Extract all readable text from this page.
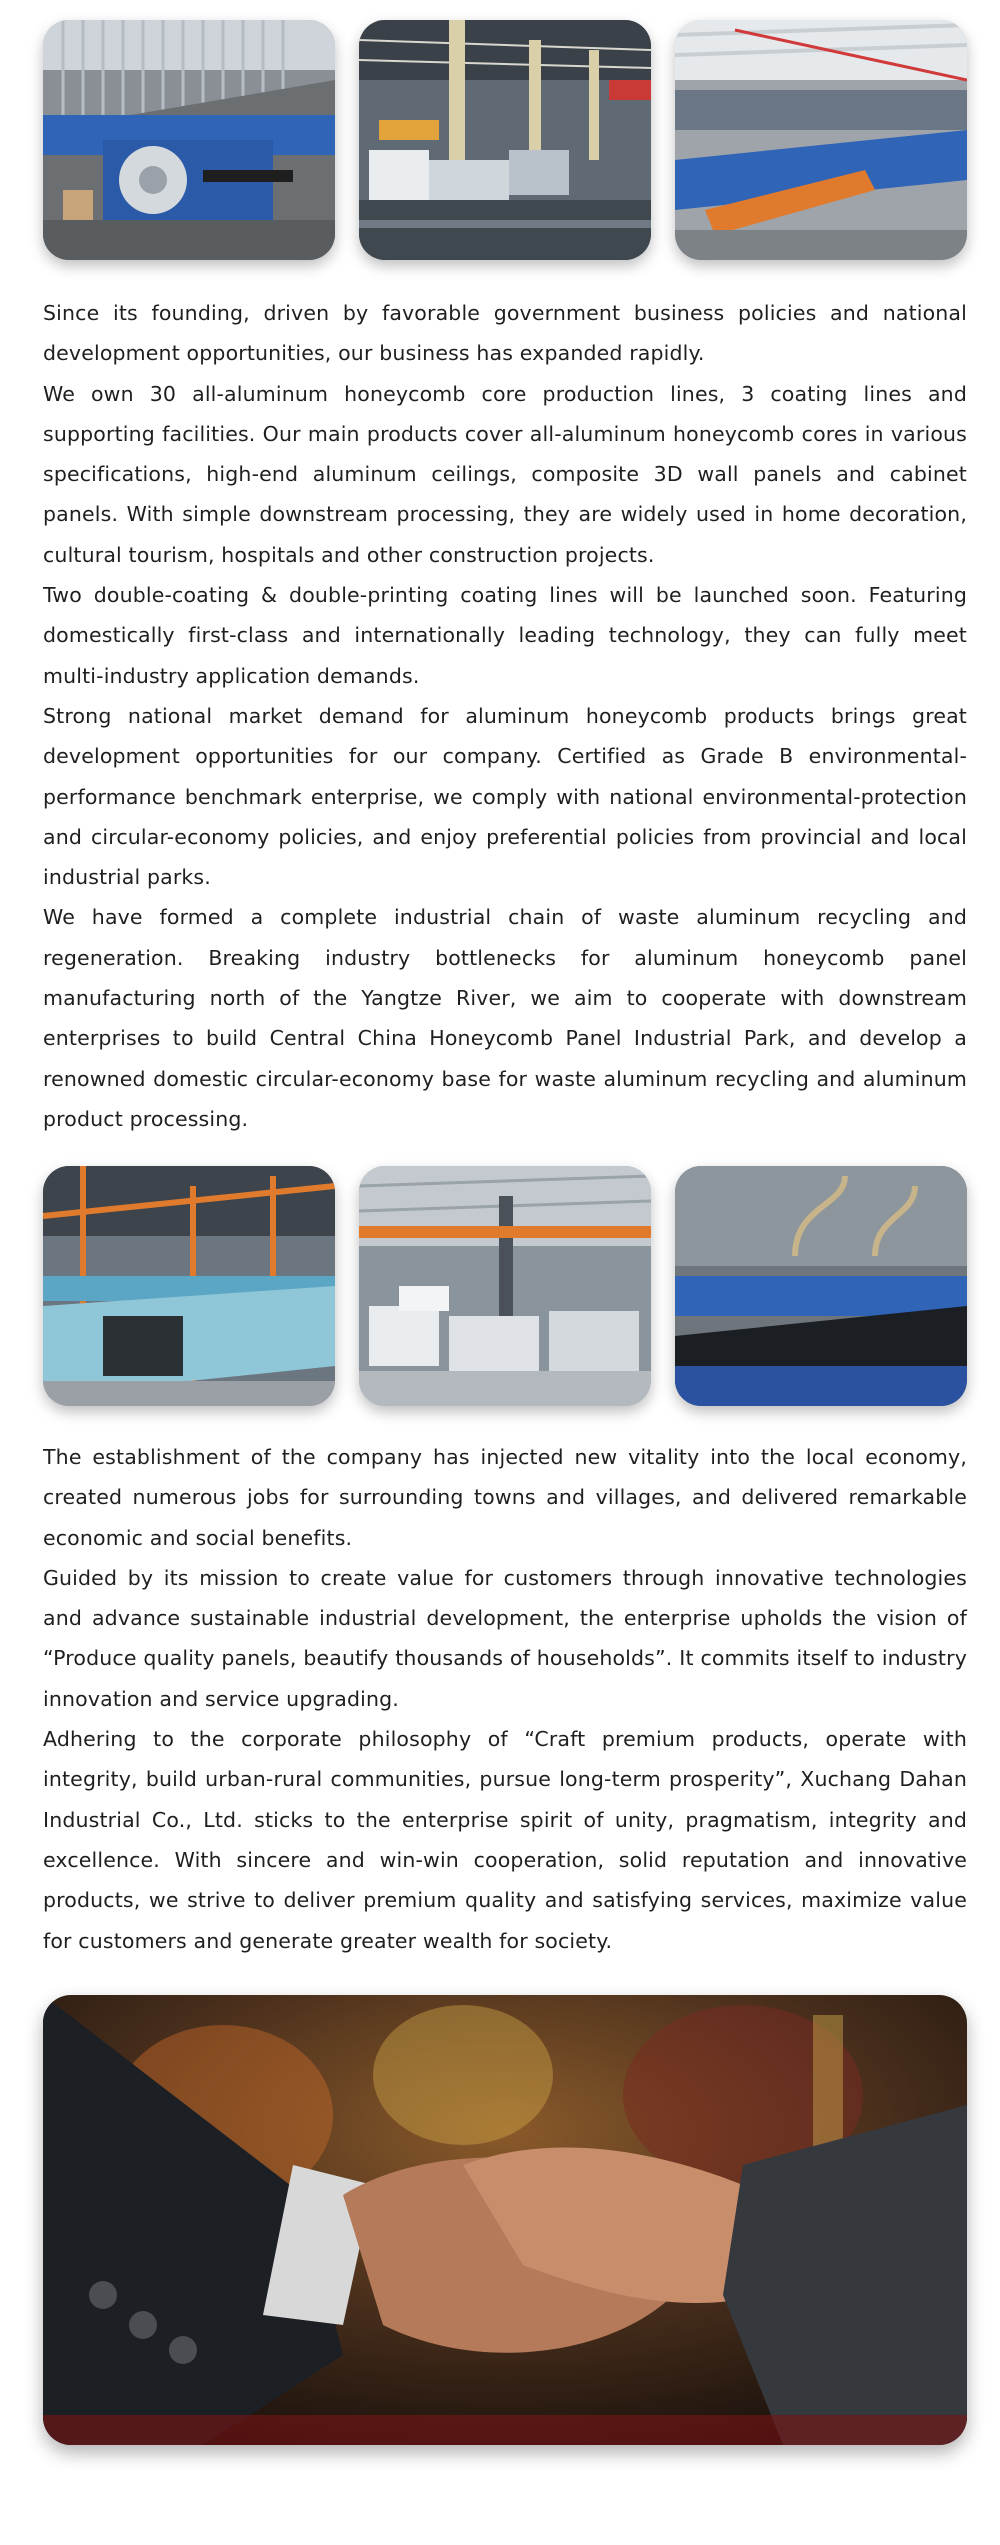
Since its founding, driven by favorable government business policies and national development opportunities, our business has expanded rapidly.

We own 30 all-aluminum honeycomb core production lines, 3 coating lines and supporting facilities. Our main products cover all-aluminum honeycomb cores in various specifications, high-end aluminum ceilings, composite 3D wall panels and cabinet panels. With simple downstream processing, they are widely used in home decoration, cultural tourism, hospitals and other construction projects.

Two double-coating & double-printing coating lines will be launched soon. Featuring domestically first-class and internationally leading technology, they can fully meet multi-industry application demands.

Strong national market demand for aluminum honeycomb products brings great development opportunities for our company. Certified as Grade B environmental-performance benchmark enterprise, we comply with national environmental-protection and circular-economy policies, and enjoy preferential policies from provincial and local industrial parks.

We have formed a complete industrial chain of waste aluminum recycling and regeneration. Breaking industry bottlenecks for aluminum honeycomb panel manufacturing north of the Yangtze River, we aim to cooperate with downstream enterprises to build Central China Honeycomb Panel Industrial Park, and develop a renowned domestic circular-economy base for waste aluminum recycling and aluminum product processing.

The establishment of the company has injected new vitality into the local economy, created numerous jobs for surrounding towns and villages, and delivered remarkable economic and social benefits.

Guided by its mission to create value for customers through innovative technologies and advance sustainable industrial development, the enterprise upholds the vision of “Produce quality panels, beautify thousands of households”. It commits itself to industry innovation and service upgrading.

Adhering to the corporate philosophy of “Craft premium products, operate with integrity, build urban-rural communities, pursue long-term prosperity”, Xuchang Dahan Industrial Co., Ltd. sticks to the enterprise spirit of unity, pragmatism, integrity and excellence. With sincere and win-win cooperation, solid reputation and innovative products, we strive to deliver premium quality and satisfying services, maximize value for customers and generate greater wealth for society.
